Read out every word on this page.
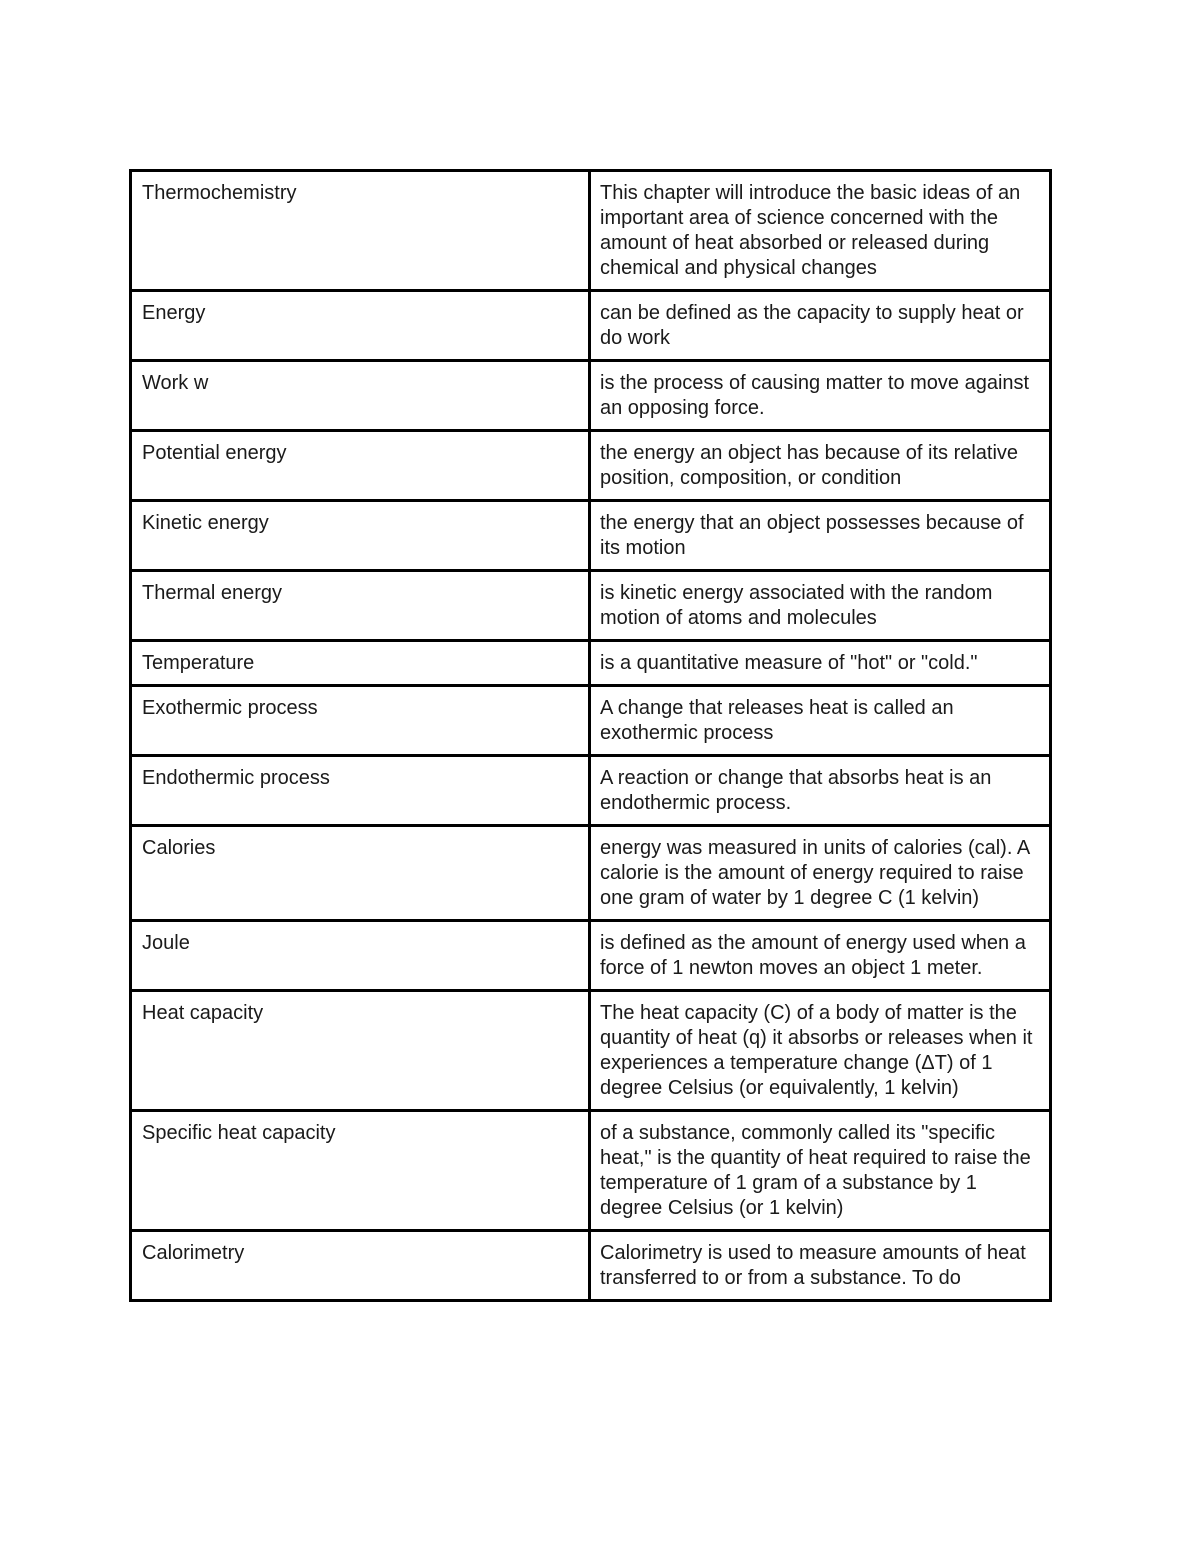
Thermochemistry	This chapter will introduce the basic ideas of an important area of science concerned with the amount of heat absorbed or released during chemical and physical changes
Energy	can be defined as the capacity to supply heat or do work
Work w	is the process of causing matter to move against an opposing force.
Potential energy	the energy an object has because of its relative position, composition, or condition
Kinetic energy	the energy that an object possesses because of its motion
Thermal energy	is kinetic energy associated with the random motion of atoms and molecules
Temperature	is a quantitative measure of "hot" or "cold."
Exothermic process	A change that releases heat is called an exothermic process
Endothermic process	A reaction or change that absorbs heat is an endothermic process.
Calories	energy was measured in units of calories (cal). A calorie is the amount of energy required to raise one gram of water by 1 degree C (1 kelvin)
Joule	is defined as the amount of energy used when a force of 1 newton moves an object 1 meter.
Heat capacity	The heat capacity (C) of a body of matter is the quantity of heat (q) it absorbs or releases when it experiences a temperature change (ΔT) of 1 degree Celsius (or equivalently, 1 kelvin)
Specific heat capacity	of a substance, commonly called its "specific heat," is the quantity of heat required to raise the temperature of 1 gram of a substance by 1 degree Celsius (or 1 kelvin)
Calorimetry	Calorimetry is used to measure amounts of heat transferred to or from a substance. To do
